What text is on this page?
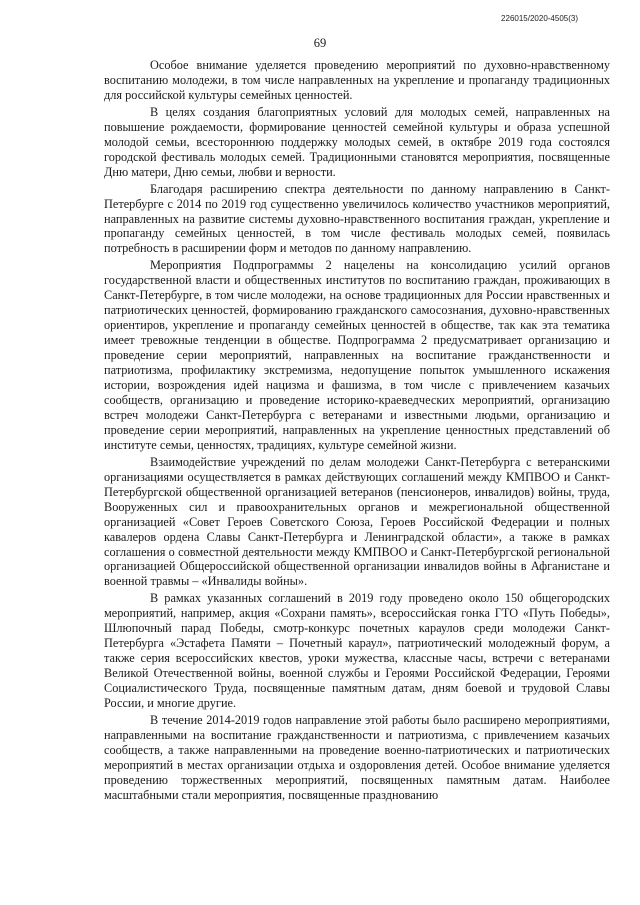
226015/2020-4505(3)
69

Особое внимание уделяется проведению мероприятий по духовно-нравственному воспитанию молодежи, в том числе направленных на укрепление и пропаганду традиционных для российской культуры семейных ценностей.

В целях создания благоприятных условий для молодых семей, направленных на повышение рождаемости, формирование ценностей семейной культуры и образа успешной молодой семьи, всестороннюю поддержку молодых семей, в октябре 2019 года состоялся городской фестиваль молодых семей. Традиционными становятся мероприятия, посвященные Дню матери, Дню семьи, любви и верности.

Благодаря расширению спектра деятельности по данному направлению в Санкт-Петербурге с 2014 по 2019 год существенно увеличилось количество участников мероприятий, направленных на развитие системы духовно-нравственного воспитания граждан, укрепление и пропаганду семейных ценностей, в том числе фестиваль молодых семей, появилась потребность в расширении форм и методов по данному направлению.

Мероприятия Подпрограммы 2 нацелены на консолидацию усилий органов государственной власти и общественных институтов по воспитанию граждан, проживающих в Санкт-Петербурге, в том числе молодежи, на основе традиционных для России нравственных и патриотических ценностей, формированию гражданского самосознания, духовно-нравственных ориентиров, укрепление и пропаганду семейных ценностей в обществе, так как эта тематика имеет тревожные тенденции в обществе. Подпрограмма 2 предусматривает организацию и проведение серии мероприятий, направленных на воспитание гражданственности и патриотизма, профилактику экстремизма, недопущение попыток умышленного искажения истории, возрождения идей нацизма и фашизма, в том числе с привлечением казачьих сообществ, организацию и проведение историко-краеведческих мероприятий, организацию встреч молодежи Санкт-Петербурга с ветеранами и известными людьми, организацию и проведение серии мероприятий, направленных на укрепление ценностных представлений об институте семьи, ценностях, традициях, культуре семейной жизни.

Взаимодействие учреждений по делам молодежи Санкт-Петербурга с ветеранскими организациями осуществляется в рамках действующих соглашений между КМПВОО и Санкт-Петербургской общественной организацией ветеранов (пенсионеров, инвалидов) войны, труда, Вооруженных сил и правоохранительных органов и межрегиональной общественной организацией «Совет Героев Советского Союза, Героев Российской Федерации и полных кавалеров ордена Славы Санкт-Петербурга и Ленинградской области», а также в рамках соглашения о совместной деятельности между КМПВОО и Санкт-Петербургской региональной организацией Общероссийской общественной организации инвалидов войны в Афганистане и военной травмы – «Инвалиды войны».

В рамках указанных соглашений в 2019 году проведено около 150 общегородских мероприятий, например, акция «Сохрани память», всероссийская гонка ГТО «Путь Победы», Шлюпочный парад Победы, смотр-конкурс почетных караулов среди молодежи Санкт-Петербурга «Эстафета Памяти – Почетный караул», патриотический молодежный форум, а также серия всероссийских квестов, уроки мужества, классные часы, встречи с ветеранами Великой Отечественной войны, военной службы и Героями Российской Федерации, Героями Социалистического Труда, посвященные памятным датам, дням боевой и трудовой Славы России, и многие другие.

В течение 2014-2019 годов направление этой работы было расширено мероприятиями, направленными на воспитание гражданственности и патриотизма, с привлечением казачьих сообществ, а также направленными на проведение военно-патриотических и патриотических мероприятий в местах организации отдыха и оздоровления детей. Особое внимание уделяется проведению торжественных мероприятий, посвященных памятным датам. Наиболее масштабными стали мероприятия, посвященные празднованию
